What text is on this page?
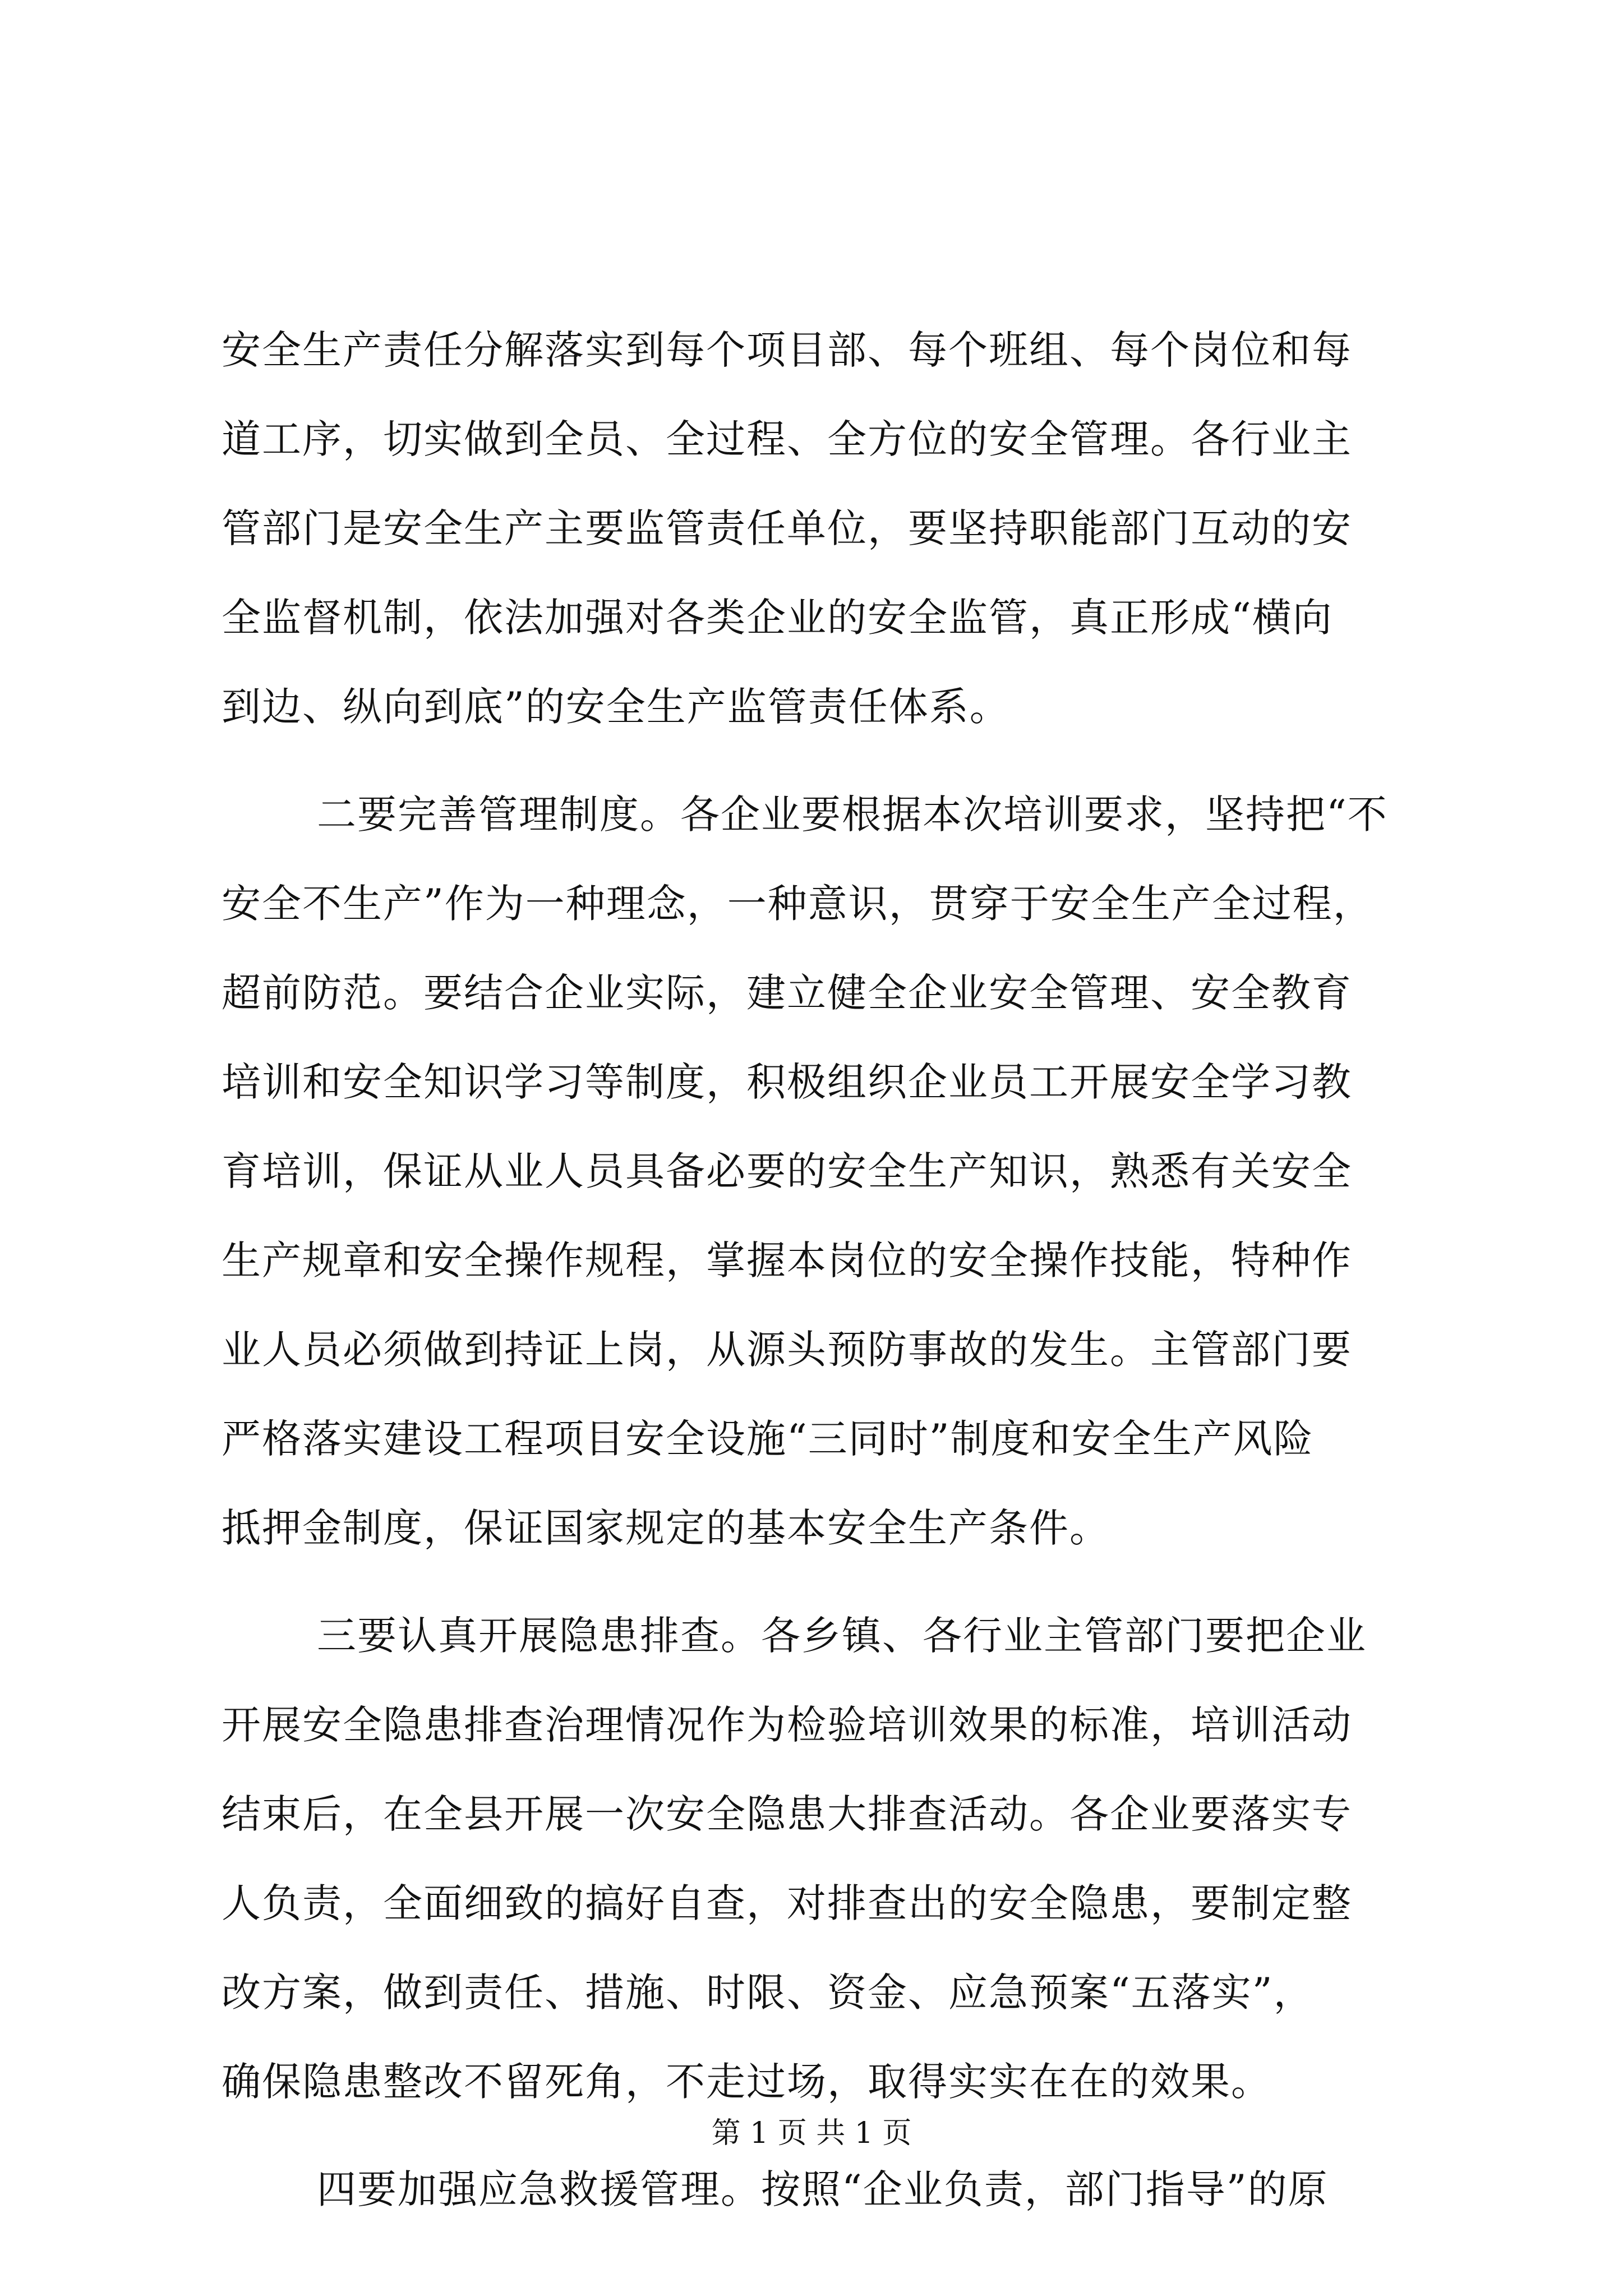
安全生产责任分解落实到每个项目部、每个班组、每个岗位和每
道工序，切实做到全员、全过程、全方位的安全管理。各行业主
管部门是安全生产主要监管责任单位，要坚持职能部门互动的安
全监督机制，依法加强对各类企业的安全监管，真正形成“横向
到边、纵向到底”的安全生产监管责任体系。
二要完善管理制度。各企业要根据本次培训要求，坚持把“不
安全不生产”作为一种理念，一种意识，贯穿于安全生产全过程，
超前防范。要结合企业实际，建立健全企业安全管理、安全教育
培训和安全知识学习等制度，积极组织企业员工开展安全学习教
育培训，保证从业人员具备必要的安全生产知识，熟悉有关安全
生产规章和安全操作规程，掌握本岗位的安全操作技能，特种作
业人员必须做到持证上岗，从源头预防事故的发生。主管部门要
严格落实建设工程项目安全设施“三同时”制度和安全生产风险
抵押金制度，保证国家规定的基本安全生产条件。
三要认真开展隐患排查。各乡镇、各行业主管部门要把企业
开展安全隐患排查治理情况作为检验培训效果的标准，培训活动
结束后，在全县开展一次安全隐患大排查活动。各企业要落实专
人负责，全面细致的搞好自查，对排查出的安全隐患，要制定整
改方案，做到责任、措施、时限、资金、应急预案“五落实”，
确保隐患整改不留死角，不走过场，取得实实在在的效果。
四要加强应急救援管理。按照“企业负责，部门指导”的原
第 1 页 共 1 页
